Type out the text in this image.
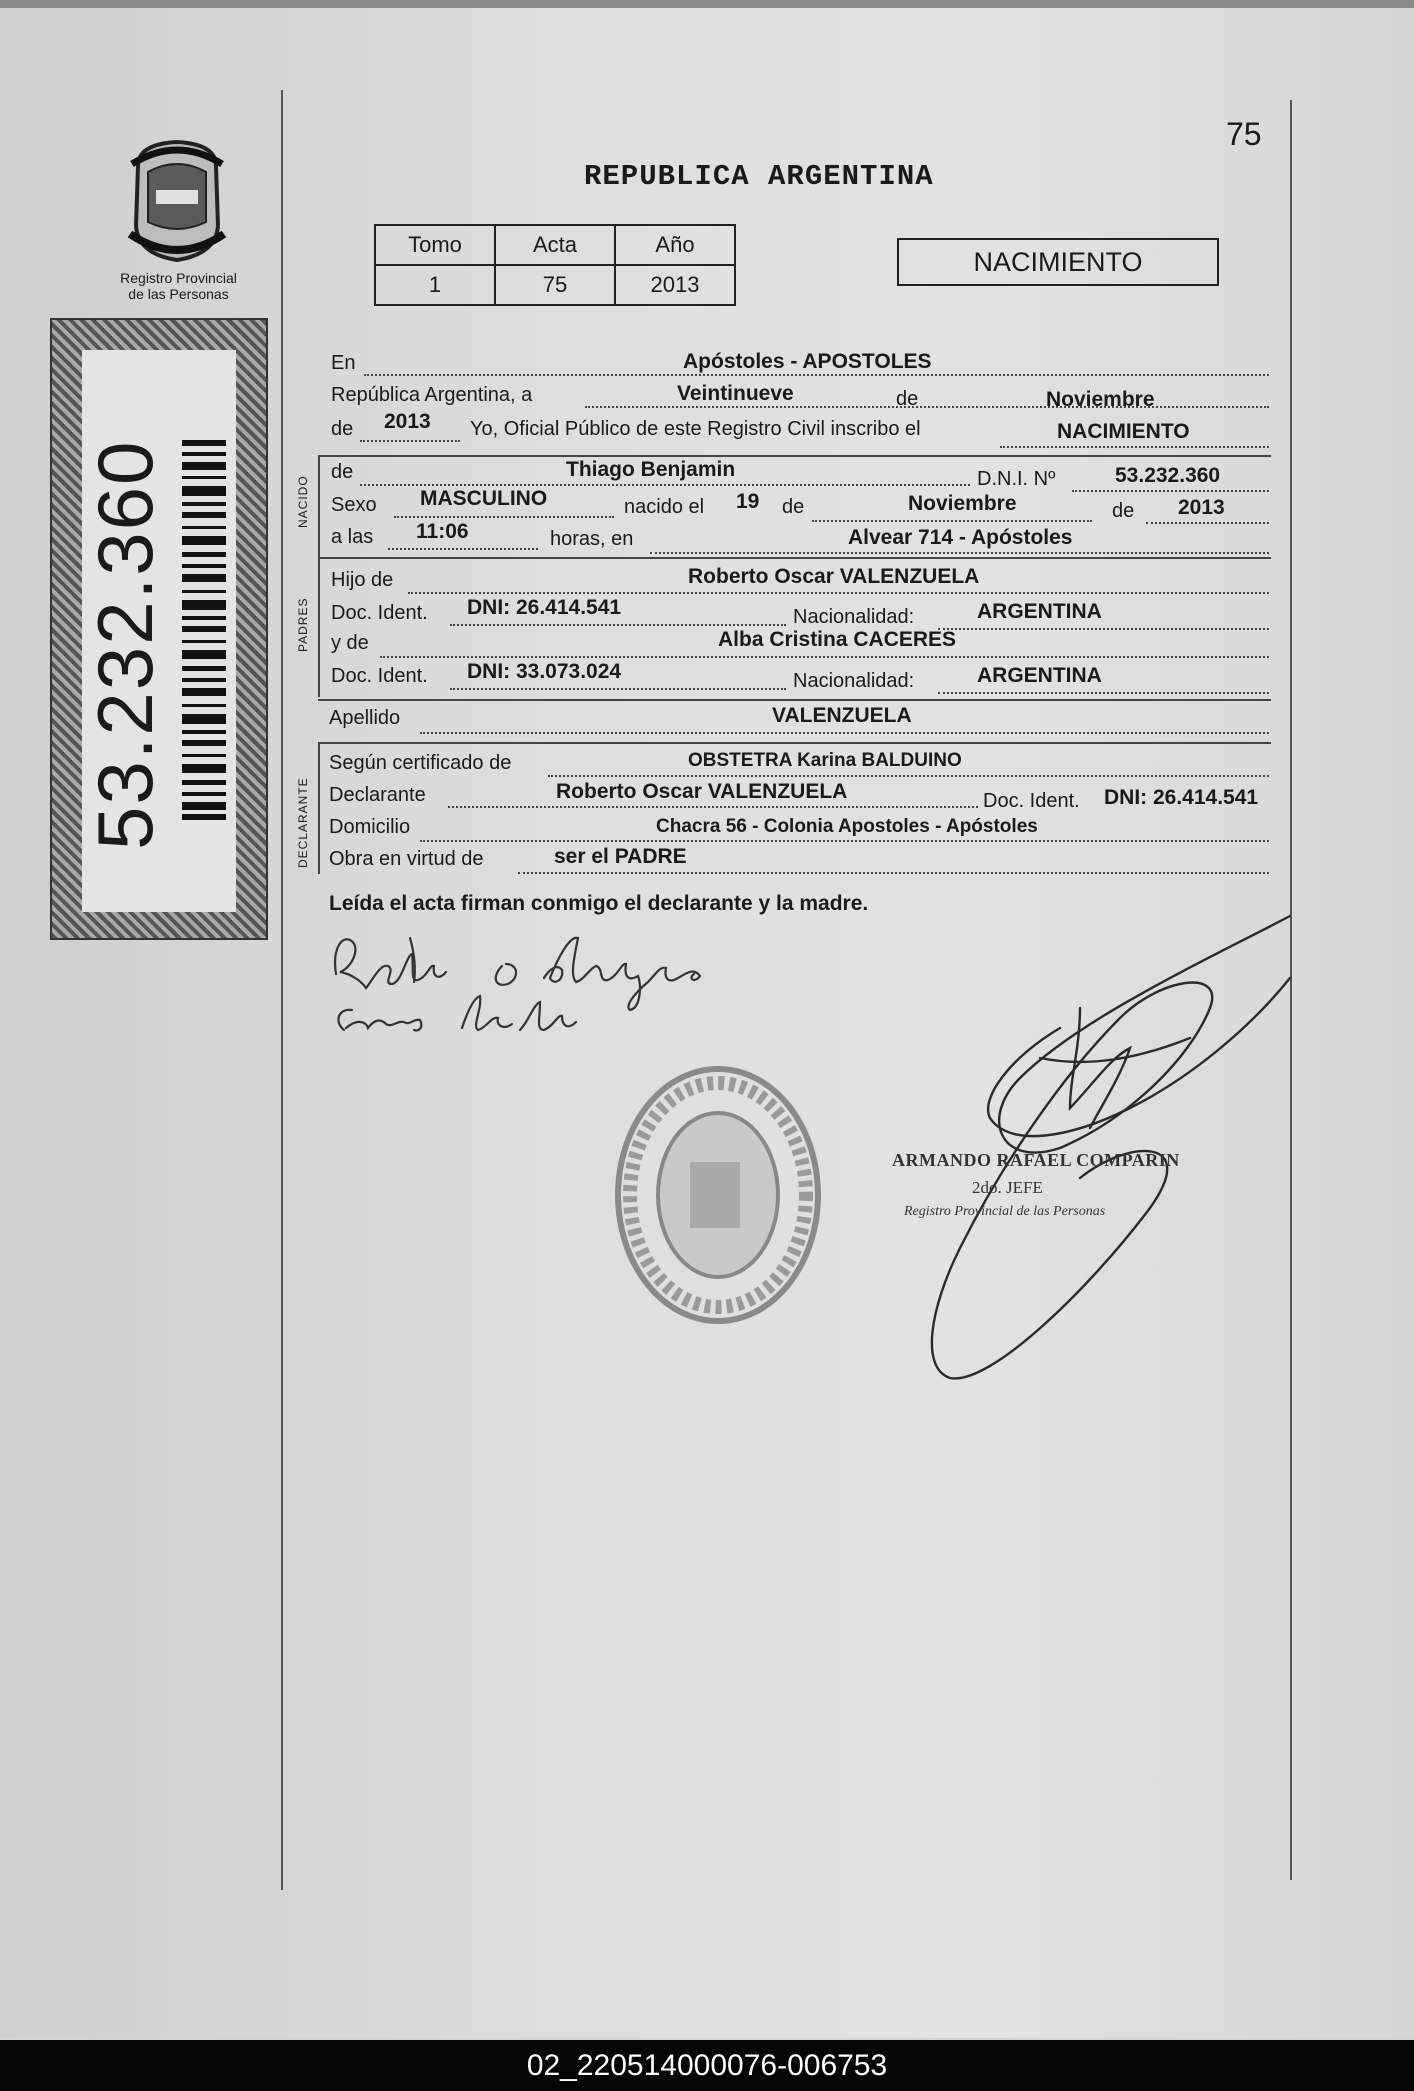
Registro Provincial
de las Personas
53.232.360
75
REPUBLICA ARGENTINA
Tomo	Acta	Año
1	75	2013
NACIMIENTO
En	Apóstoles - APOSTOLES
República Argentina, a	Veintinueve	de	Noviembre
de 2013 Yo, Oficial Público de este Registro Civil inscribo el	NACIMIENTO
NACIDO
de	Thiago Benjamin	D.N.I. Nº	53.232.360
Sexo MASCULINO	nacido el 19 de	Noviembre	de 2013
a las 11:06	horas, en	Alvear 714 - Apóstoles
PADRES
Hijo de	Roberto Oscar VALENZUELA
Doc. Ident. DNI: 26.414.541	Nacionalidad:	ARGENTINA
y de	Alba Cristina CACERES
Doc. Ident. DNI: 33.073.024	Nacionalidad:	ARGENTINA
Apellido	VALENZUELA
DECLARANTE
Según certificado de	OBSTETRA Karina BALDUINO
Declarante	Roberto Oscar VALENZUELA	Doc. Ident. DNI: 26.414.541
Domicilio	Chacra 56 - Colonia Apostoles - Apóstoles
Obra en virtud de	ser el PADRE
Leída el acta firman conmigo el declarante y la madre.
ARMANDO RAFAEL COMPARIN
2do. JEFE
Registro Provincial de las Personas
02_220514000076-006753
